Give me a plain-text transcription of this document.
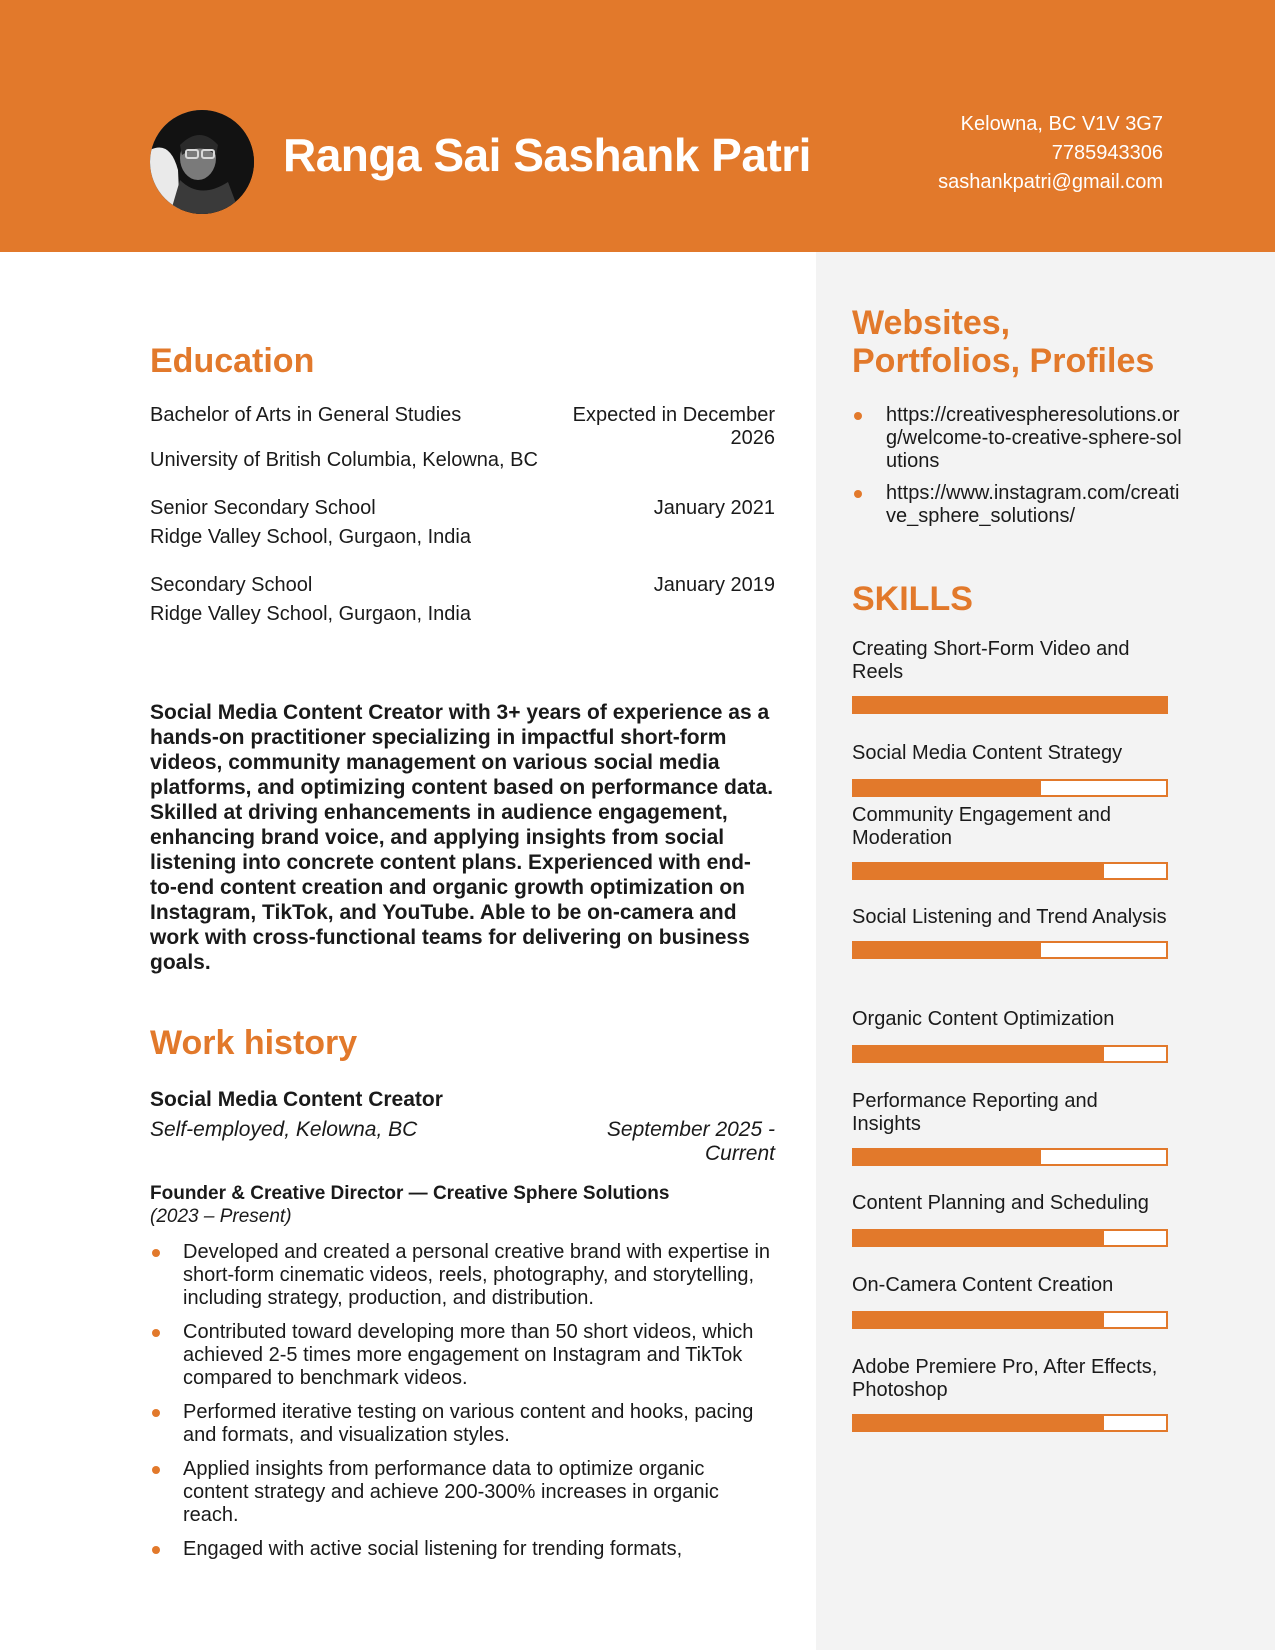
Ranga Sai Sashank Patri
Kelowna, BC V1V 3G7
7785943306
sashankpatri@gmail.com
Education
Bachelor of Arts in General Studies	Expected in December 2026
University of British Columbia, Kelowna, BC
Senior Secondary School	January 2021
Ridge Valley School, Gurgaon, India
Secondary School	January 2019
Ridge Valley School, Gurgaon, India
Social Media Content Creator with 3+ years of experience as a hands-on practitioner specializing in impactful short-form videos, community management on various social media platforms, and optimizing content based on performance data. Skilled at driving enhancements in audience engagement, enhancing brand voice, and applying insights from social listening into concrete content plans. Experienced with end-to-end content creation and organic growth optimization on Instagram, TikTok, and YouTube. Able to be on-camera and work with cross-functional teams for delivering on business goals.
Work history
Social Media Content Creator
Self-employed, Kelowna, BC	September 2025 - Current
Founder & Creative Director — Creative Sphere Solutions
(2023 – Present)
Developed and created a personal creative brand with expertise in short-form cinematic videos, reels, photography, and storytelling, including strategy, production, and distribution.
Contributed toward developing more than 50 short videos, which achieved 2-5 times more engagement on Instagram and TikTok compared to benchmark videos.
Performed iterative testing on various content and hooks, pacing and formats, and visualization styles.
Applied insights from performance data to optimize organic content strategy and achieve 200-300% increases in organic reach.
Engaged with active social listening for trending formats,
Websites, Portfolios, Profiles
https://creativespheresolutions.org/welcome-to-creative-sphere-solutions
https://www.instagram.com/creative_sphere_solutions/
SKILLS
Creating Short-Form Video and Reels
Social Media Content Strategy
Community Engagement and Moderation
Social Listening and Trend Analysis
Organic Content Optimization
Performance Reporting and Insights
Content Planning and Scheduling
On-Camera Content Creation
Adobe Premiere Pro, After Effects, Photoshop
